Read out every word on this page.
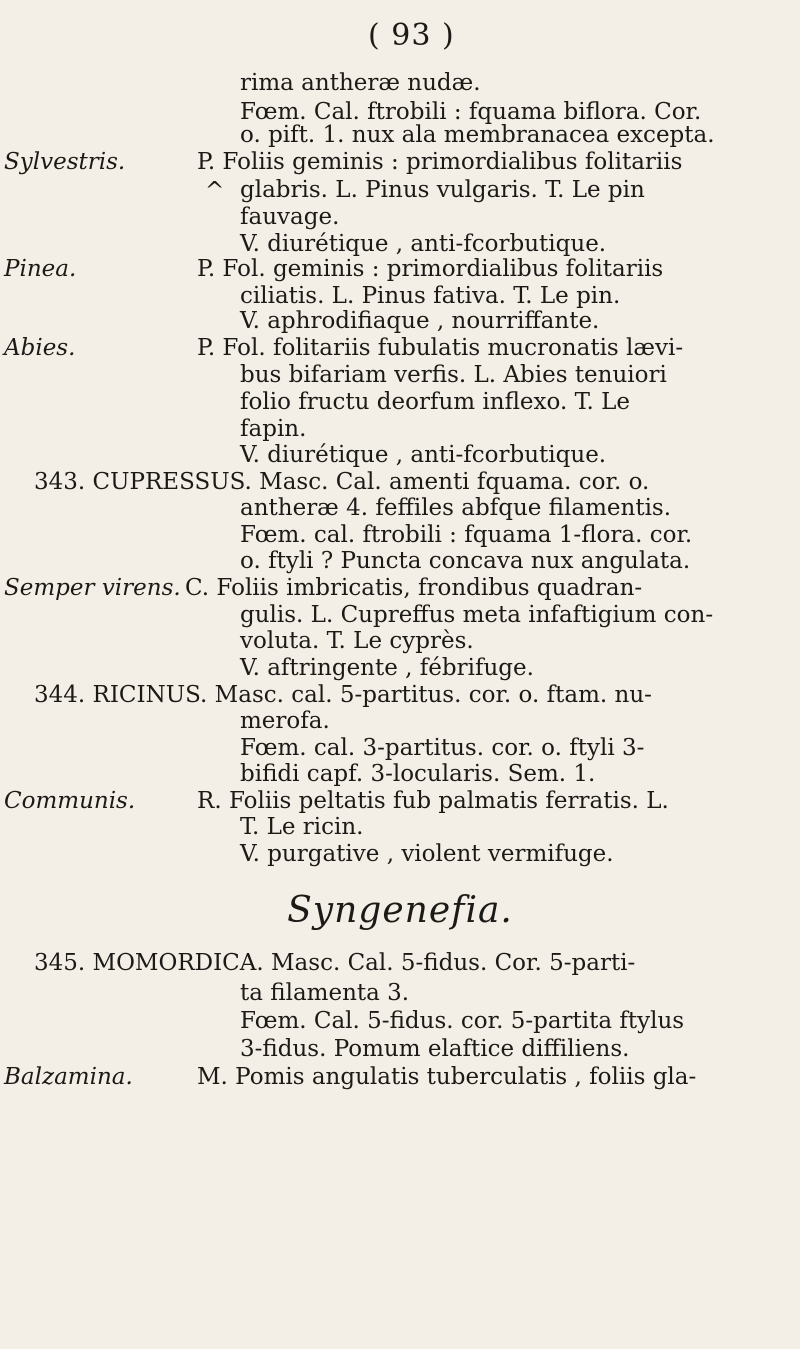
( 93 )
Sylvestris.
Pinea.
Abies.
Semper virens.
Communis.
Balzamina.
^
rima antheræ nudæ.
Fœm. Cal. ftrobili : fquama biflora. Cor.
o. pift. 1. nux ala membranacea excepta.
P. Foliis geminis : primordialibus folitariis
glabris. L. Pinus vulgaris. T. Le pin
fauvage.
V. diurétique , anti-fcorbutique.
P. Fol. geminis : primordialibus folitariis
ciliatis. L. Pinus fativa. T. Le pin.
V. aphrodifiaque , nourriffante.
P. Fol. folitariis fubulatis mucronatis lævi-
bus bifariam verfis. L. Abies tenuiori
folio fructu deorfum inflexo. T. Le
fapin.
V. diurétique , anti-fcorbutique.
343. CUPRESSUS. Masc. Cal. amenti fquama. cor. o.
antheræ 4. feffiles abfque filamentis.
Fœm. cal. ftrobili : fquama 1-flora. cor.
o. ftyli ? Puncta concava nux angulata.
C. Foliis imbricatis, frondibus quadran-
gulis. L. Cupreffus meta infaftigium con-
voluta. T. Le cyprès.
V. aftringente , fébrifuge.
344. RICINUS. Masc. cal. 5-partitus. cor. o. ftam. nu-
merofa.
Fœm. cal. 3-partitus. cor. o. ftyli 3-
bifidi capf. 3-locularis. Sem. 1.
R. Foliis peltatis fub palmatis ferratis. L.
T. Le ricin.
V. purgative , violent vermifuge.
Syngenefia.
345. MOMORDICA. Masc. Cal. 5-fidus. Cor. 5-parti-
ta filamenta 3.
Fœm. Cal. 5-fidus. cor. 5-partita ftylus
3-fidus. Pomum elaftice diffiliens.
M. Pomis angulatis tuberculatis , foliis gla-
